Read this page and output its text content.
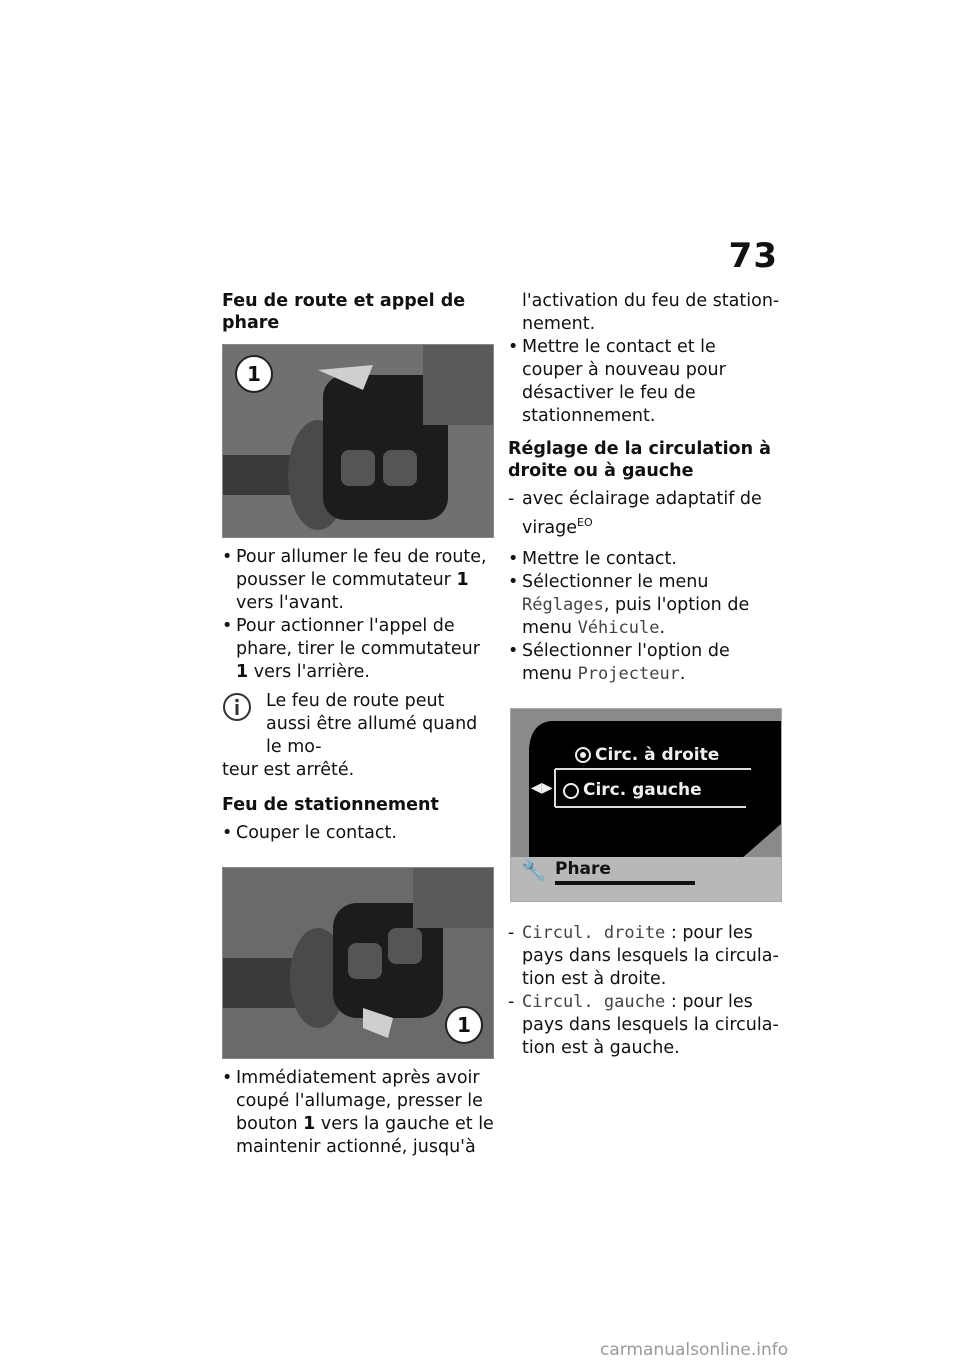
73
Feu de route et appel de phare
1

• Pour allumer le feu de route, pousser le commutateur 1 vers l'avant.

• Pour actionner l'appel de phare, tirer le commutateur 1 vers l'arrière.

Le feu de route peut aussi être allumé quand le mo-
teur est arrêté.
Feu de stationnement

• Couper le contact.

1

• Immédiatement après avoir coupé l'allumage, presser le bouton 1 vers la gauche et le maintenir actionné, jusqu'à

l'activation du feu de stationnement.

• Mettre le contact et le couper à nouveau pour désactiver le feu de stationnement.

Réglage de la circulation à droite ou à gauche

- avec éclairage adaptatif de virage$^{EO}$

• Mettre le contact.

• Sélectionner le menu Réglages, puis l'option de menu Véhicule.

• Sélectionner l'option de menu Projecteur.

Circ. à droite
◀▶ Circ. gauche
🔧 Phare

- Circul. droite : pour les pays dans lesquels la circulation est à droite.

- Circul. gauche : pour les pays dans lesquels la circulation est à gauche.

carmanualsonline.info
